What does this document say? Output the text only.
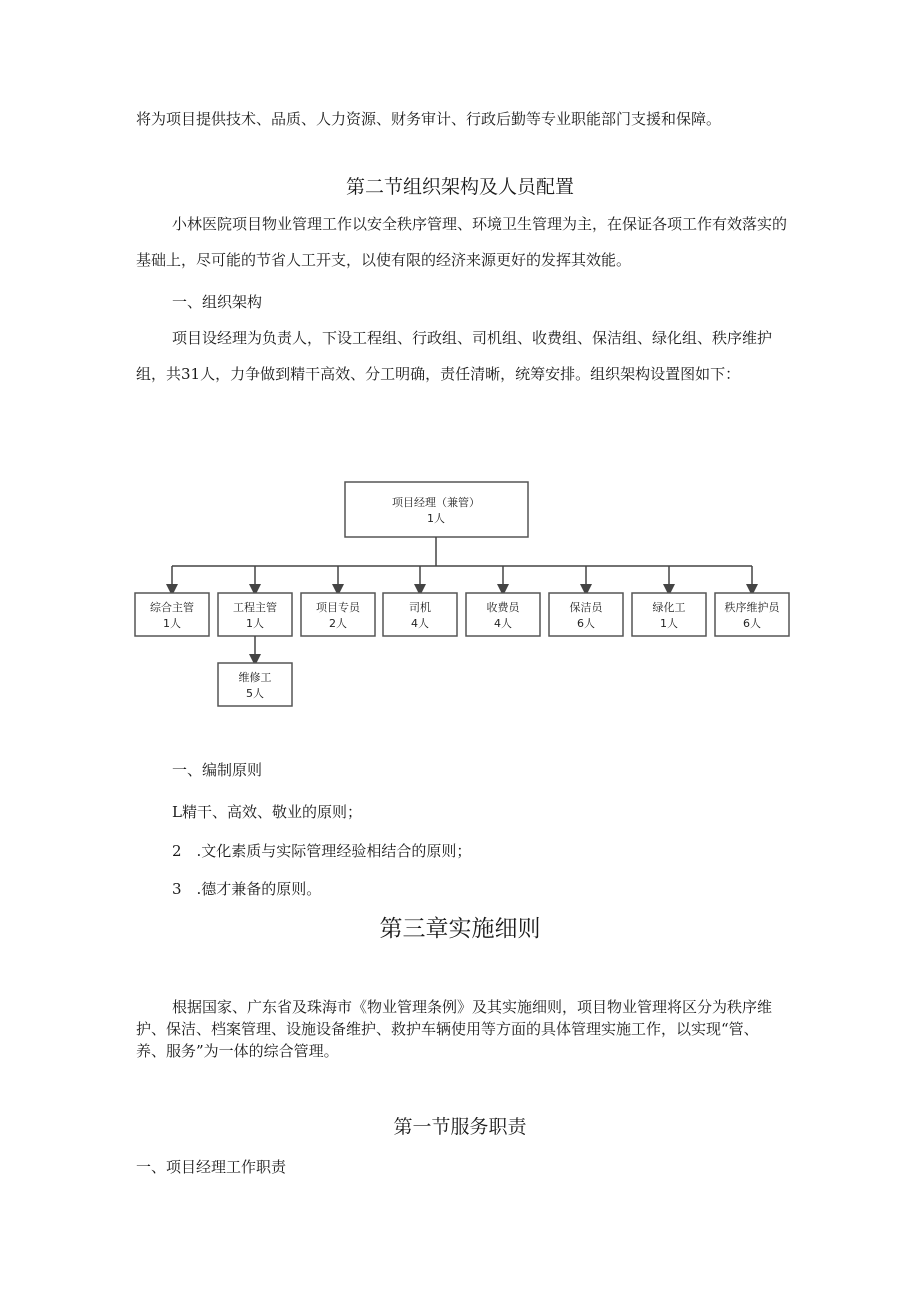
将为项目提供技术、品质、人力资源、财务审计、行政后勤等专业职能部门支援和保障。

第二节组织架构及人员配置

小林医院项目物业管理工作以安全秩序管理、环境卫生管理为主，在保证各项工作有效落实的基础上，尽可能的节省人工开支，以使有限的经济来源更好的发挥其效能。

一、组织架构

项目设经理为负责人，下设工程组、行政组、司机组、收费组、保洁组、绿化组、秩序维护组，共31人，力争做到精干高效、分工明确，责任清晰，统筹安排。组织架构设置图如下：

项目经理（兼管）
1人
综合主管
1人
工程主管
1人
项目专员
2人
司机
4人
收费员
4人
保洁员
6人
绿化工
1人
秩序维护员
6人
维修工
5人

一、编制原则

L精干、高效、敬业的原则；

2　.文化素质与实际管理经验相结合的原则；

3　.德才兼备的原则。

第三章实施细则

根据国家、广东省及珠海市《物业管理条例》及其实施细则，项目物业管理将区分为秩序维护、保洁、档案管理、设施设备维护、救护车辆使用等方面的具体管理实施工作，以实现“管、养、服务”为一体的综合管理。

第一节服务职责

一、项目经理工作职责
